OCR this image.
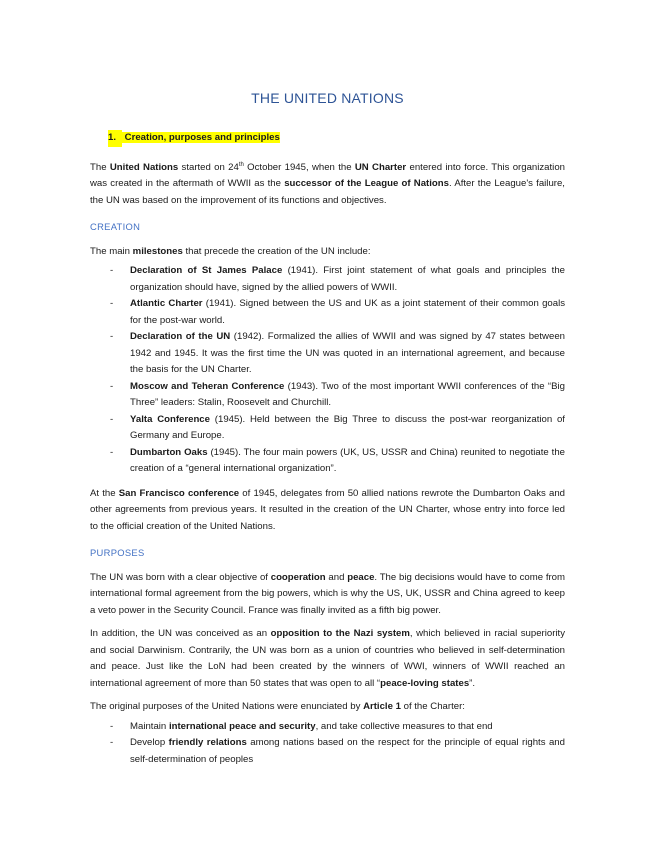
THE UNITED NATIONS
1. Creation, purposes and principles

The United Nations started on 24th October 1945, when the UN Charter entered into force. This organization was created in the aftermath of WWII as the successor of the League of Nations. After the League's failure, the UN was based on the improvement of its functions and objectives.

CREATION

The main milestones that precede the creation of the UN include:

- Declaration of St James Palace (1941). First joint statement of what goals and principles the organization should have, signed by the allied powers of WWII.
- Atlantic Charter (1941). Signed between the US and UK as a joint statement of their common goals for the post-war world.
- Declaration of the UN (1942). Formalized the allies of WWII and was signed by 47 states between 1942 and 1945. It was the first time the UN was quoted in an international agreement, and because the basis for the UN Charter.
- Moscow and Teheran Conference (1943). Two of the most important WWII conferences of the “Big Three” leaders: Stalin, Roosevelt and Churchill.
- Yalta Conference (1945). Held between the Big Three to discuss the post-war reorganization of Germany and Europe.
- Dumbarton Oaks (1945). The four main powers (UK, US, USSR and China) reunited to negotiate the creation of a “general international organization”.

At the San Francisco conference of 1945, delegates from 50 allied nations rewrote the Dumbarton Oaks and other agreements from previous years. It resulted in the creation of the UN Charter, whose entry into force led to the official creation of the United Nations.

PURPOSES

The UN was born with a clear objective of cooperation and peace. The big decisions would have to come from international formal agreement from the big powers, which is why the US, UK, USSR and China agreed to keep a veto power in the Security Council. France was finally invited as a fifth big power.

In addition, the UN was conceived as an opposition to the Nazi system, which believed in racial superiority and social Darwinism. Contrarily, the UN was born as a union of countries who believed in self-determination and peace. Just like the LoN had been created by the winners of WWI, winners of WWII reached an international agreement of more than 50 states that was open to all “peace-loving states”.

The original purposes of the United Nations were enunciated by Article 1 of the Charter:

- Maintain international peace and security, and take collective measures to that end
- Develop friendly relations among nations based on the respect for the principle of equal rights and self-determination of peoples
